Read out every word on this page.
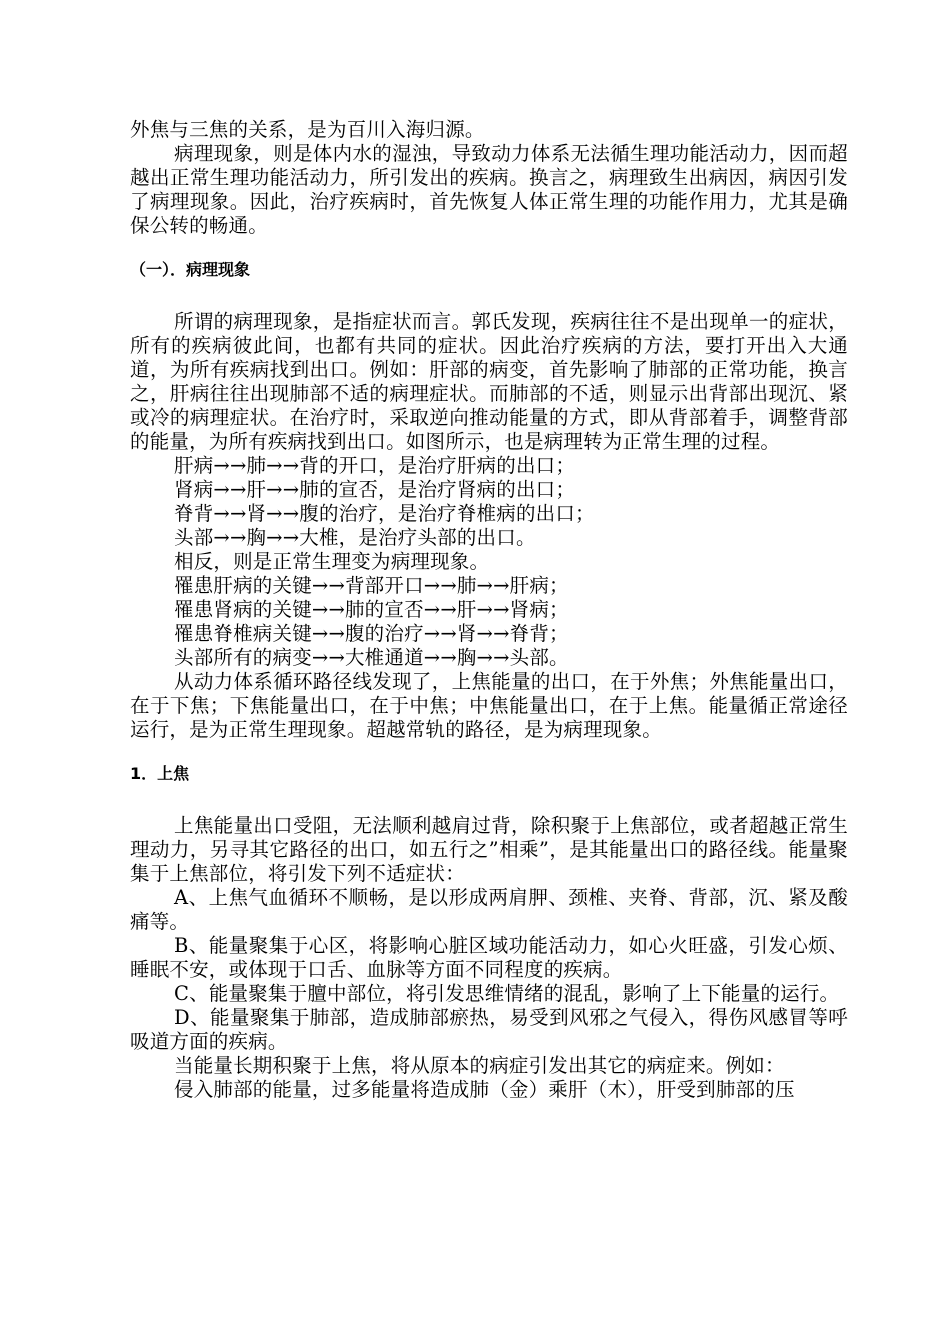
外焦与三焦的关系，是为百川入海归源。

病理现象，则是体内水的湿浊，导致动力体系无法循生理功能活动力，因而超越出正常生理功能活动力，所引发出的疾病。换言之，病理致生出病因，病因引发了病理现象。因此，治疗疾病时，首先恢复人体正常生理的功能作用力，尤其是确保公转的畅通。

（一）．病理现象

所谓的病理现象，是指症状而言。郭氏发现，疾病往往不是出现单一的症状，所有的疾病彼此间，也都有共同的症状。因此治疗疾病的方法，要打开出入大通道，为所有疾病找到出口。例如：肝部的病变，首先影响了肺部的正常功能，换言之，肝病往往出现肺部不适的病理症状。而肺部的不适，则显示出背部出现沉、紧或冷的病理症状。在治疗时，采取逆向推动能量的方式，即从背部着手，调整背部的能量，为所有疾病找到出口。如图所示，也是病理转为正常生理的过程。

肝病→→肺→→背的开口，是治疗肝病的出口；

肾病→→肝→→肺的宣否，是治疗肾病的出口；

脊背→→肾→→腹的治疗，是治疗脊椎病的出口；

头部→→胸→→大椎，是治疗头部的出口。

相反，则是正常生理变为病理现象。

罹患肝病的关键→→背部开口→→肺→→肝病；

罹患肾病的关键→→肺的宣否→→肝→→肾病；

罹患脊椎病关键→→腹的治疗→→肾→→脊背；

头部所有的病变→→大椎通道→→胸→→头部。

从动力体系循环路径线发现了，上焦能量的出口，在于外焦；外焦能量出口，在于下焦；下焦能量出口，在于中焦；中焦能量出口，在于上焦。能量循正常途径运行，是为正常生理现象。超越常轨的路径，是为病理现象。

1．上焦

上焦能量出口受阻，无法顺利越肩过背，除积聚于上焦部位，或者超越正常生理动力，另寻其它路径的出口，如五行之”相乘”，是其能量出口的路径线。能量聚集于上焦部位，将引发下列不适症状：

A、上焦气血循环不顺畅，是以形成两肩胛、颈椎、夹脊、背部，沉、紧及酸痛等。

B、能量聚集于心区，将影响心脏区域功能活动力，如心火旺盛，引发心烦、睡眠不安，或体现于口舌、血脉等方面不同程度的疾病。

C、能量聚集于膻中部位，将引发思维情绪的混乱，影响了上下能量的运行。

D、能量聚集于肺部，造成肺部瘀热，易受到风邪之气侵入，得伤风感冒等呼吸道方面的疾病。

当能量长期积聚于上焦，将从原本的病症引发出其它的病症来。例如：

侵入肺部的能量，过多能量将造成肺（金）乘肝（木），肝受到肺部的压
